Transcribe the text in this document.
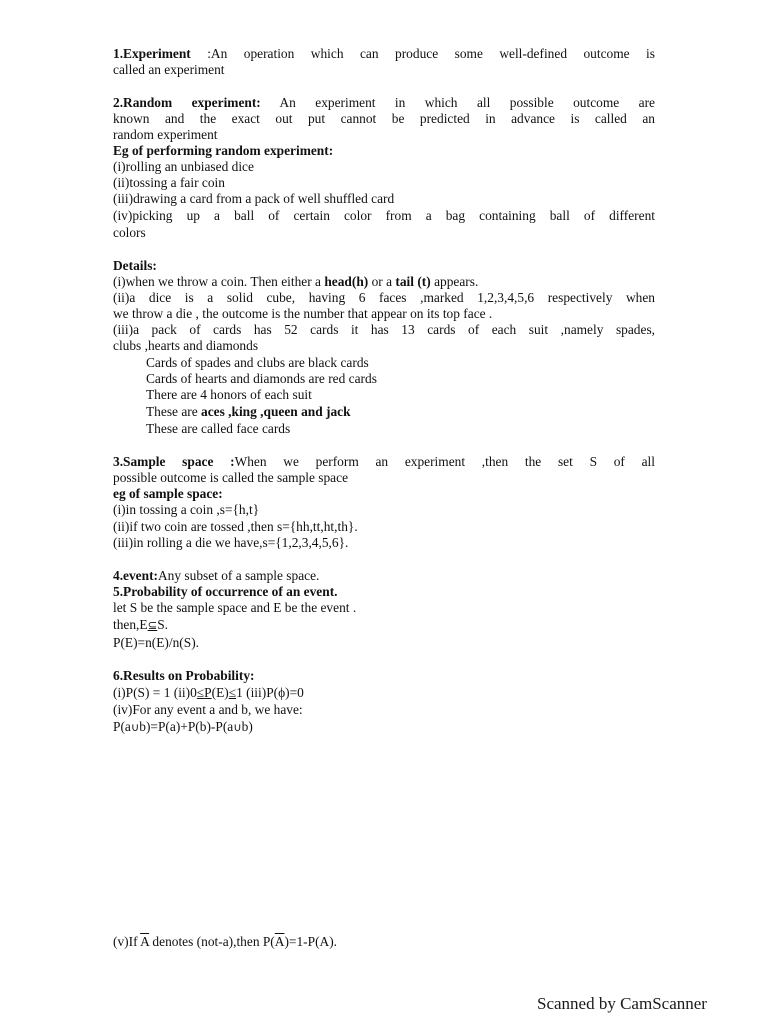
1.Experiment :An operation which can produce some well-defined outcome is
called an experiment
2.Random experiment: An experiment in which all possible outcome are
known and the exact out put cannot be predicted in advance is called an
random experiment
Eg of performing random experiment:
(i)rolling an unbiased dice
(ii)tossing a fair coin
(iii)drawing a card from a pack of well shuffled card
(iv)picking up a ball of certain color from a bag containing ball of different
colors
Details:
(i)when we throw a coin. Then either a head(h) or a tail (t) appears.
(ii)a dice is a solid cube, having 6 faces ,marked 1,2,3,4,5,6 respectively when
we throw a die , the outcome is the number that appear on its top face .
(iii)a pack of cards has 52 cards it has 13 cards of each suit ,namely spades,
clubs ,hearts and diamonds
Cards of spades and clubs are black cards
Cards of hearts and diamonds are red cards
There are 4 honors of each suit
These are aces ,king ,queen and jack
These are called face cards
3.Sample space :When we perform an experiment ,then the set S of all
possible outcome is called the sample space
eg of sample space:
(i)in tossing a coin ,s={h,t}
(ii)if two coin are tossed ,then s={hh,tt,ht,th}.
(iii)in rolling a die we have,s={1,2,3,4,5,6}.
4.event:Any subset of a sample space.
5.Probability of occurrence of an event.
let S be the sample space and E be the event .
then,E⊆S.
P(E)=n(E)/n(S).
6.Results on Probability:
(i)P(S) = 1 (ii)0≤P(E)≤1 (iii)P(ϕ)=0
(iv)For any event a and b, we have:
P(a∪b)=P(a)+P(b)-P(a∪b)
(v)If $\overline{A}$ denotes (not-a),then $P(\overline{A})=1-P(A)$.
Scanned by CamScanner
